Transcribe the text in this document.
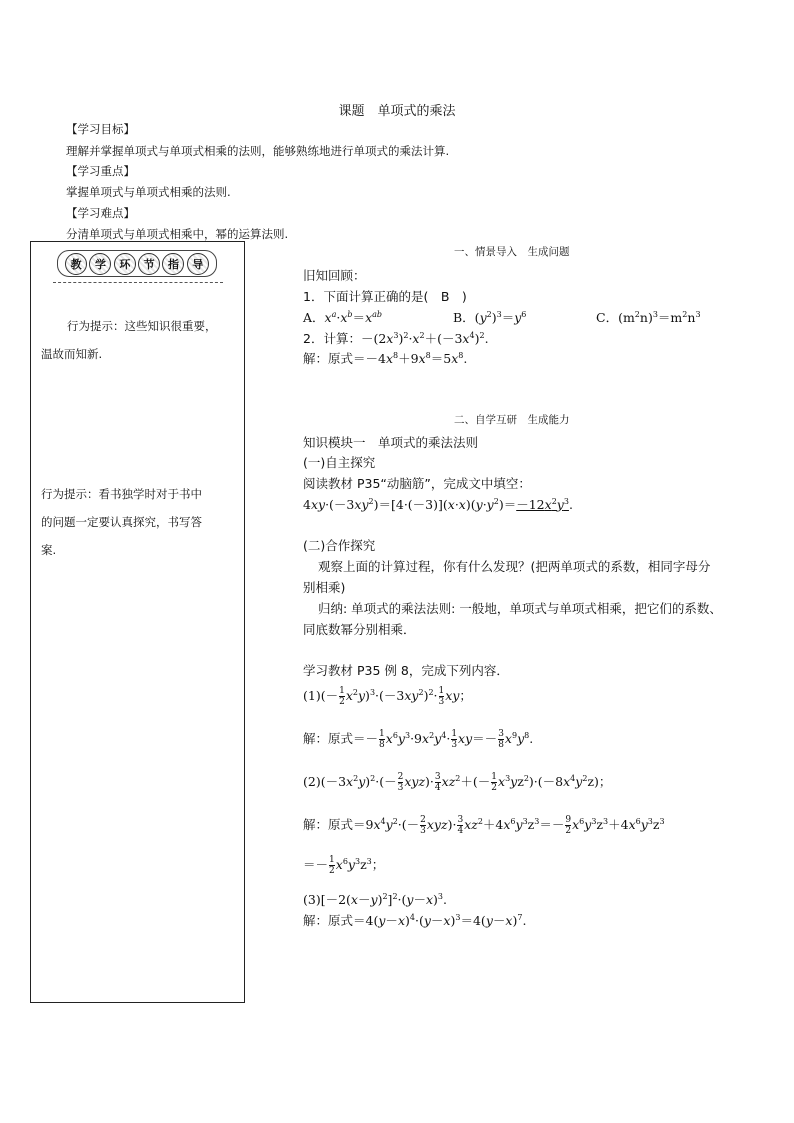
课题　单项式的乘法
【学习目标】
理解并掌握单项式与单项式相乘的法则，能够熟练地进行单项式的乘法计算.
【学习重点】
掌握单项式与单项式相乘的法则.
【学习难点】
分清单项式与单项式相乘中，幂的运算法则.
教	学	环	节	指	导
行为提示：这些知识很重要，
温故而知新.
行为提示：看书独学时对于书中
的问题一定要认真探究，书写答
案.
一、情景导入　生成问题
旧知回顾：
1．下面计算正确的是(　B　)
A．$x^a\cdot x^b=x^{ab}$	B．$(y^2)^3=y^6$	C．$(m^2n)^3=m^2n^3$
2．计算：$-(2x^3)^2\cdot x^2+(-3x^4)^2$.
解：原式$=-4x^8+9x^8=5x^8$.
二、自学互研　生成能力
知识模块一　单项式的乘法法则
(一)自主探究
阅读教材 P35“动脑筋”，完成文中填空：
$4xy\cdot(-3xy^2)=[4\cdot(-3)](x\cdot x)(y\cdot y^2)=-12x^2y^3$.
(二)合作探究
观察上面的计算过程，你有什么发现？(把两单项式的系数，相同字母分
别相乘)
归纳: 单项式的乘法法则: 一般地，单项式与单项式相乘，把它们的系数、
同底数幂分别相乘．
学习教材 P35 例 8，完成下列内容．
$(1)(- \frac{1}{2} x^2y)^3\cdot(-3xy^2)^2\cdot \frac{1}{3}$ xy；
解：原式＝－ $\frac{1}{8} x^6y^3\cdot 9x^2y^4\cdot \frac{1}{3} xy=- \frac{3}{8} x^9y^8$.
$(2)(-3x^2y)^2\cdot(- \frac{2}{3} xyz)\cdot \frac{3}{4} xz^2+(- \frac{1}{2} x^3yz^2)\cdot(-8x^4y^2z)$；
解：原式$=9x^4y^2\cdot(- \frac{2}{3} xyz)\cdot \frac{3}{4} xz^2+4x^6y^3z^3=- \frac{9}{2} x^6y^3z^3+4x^6y^3z^3$
＝－ $\frac{1}{2} x^6y^3z^3$；
$(3)[-2(x-y)^2]^2\cdot(y-x)^3$.
解：原式$=4(y-x)^4\cdot(y-x)^3=4(y-x)^7$.
